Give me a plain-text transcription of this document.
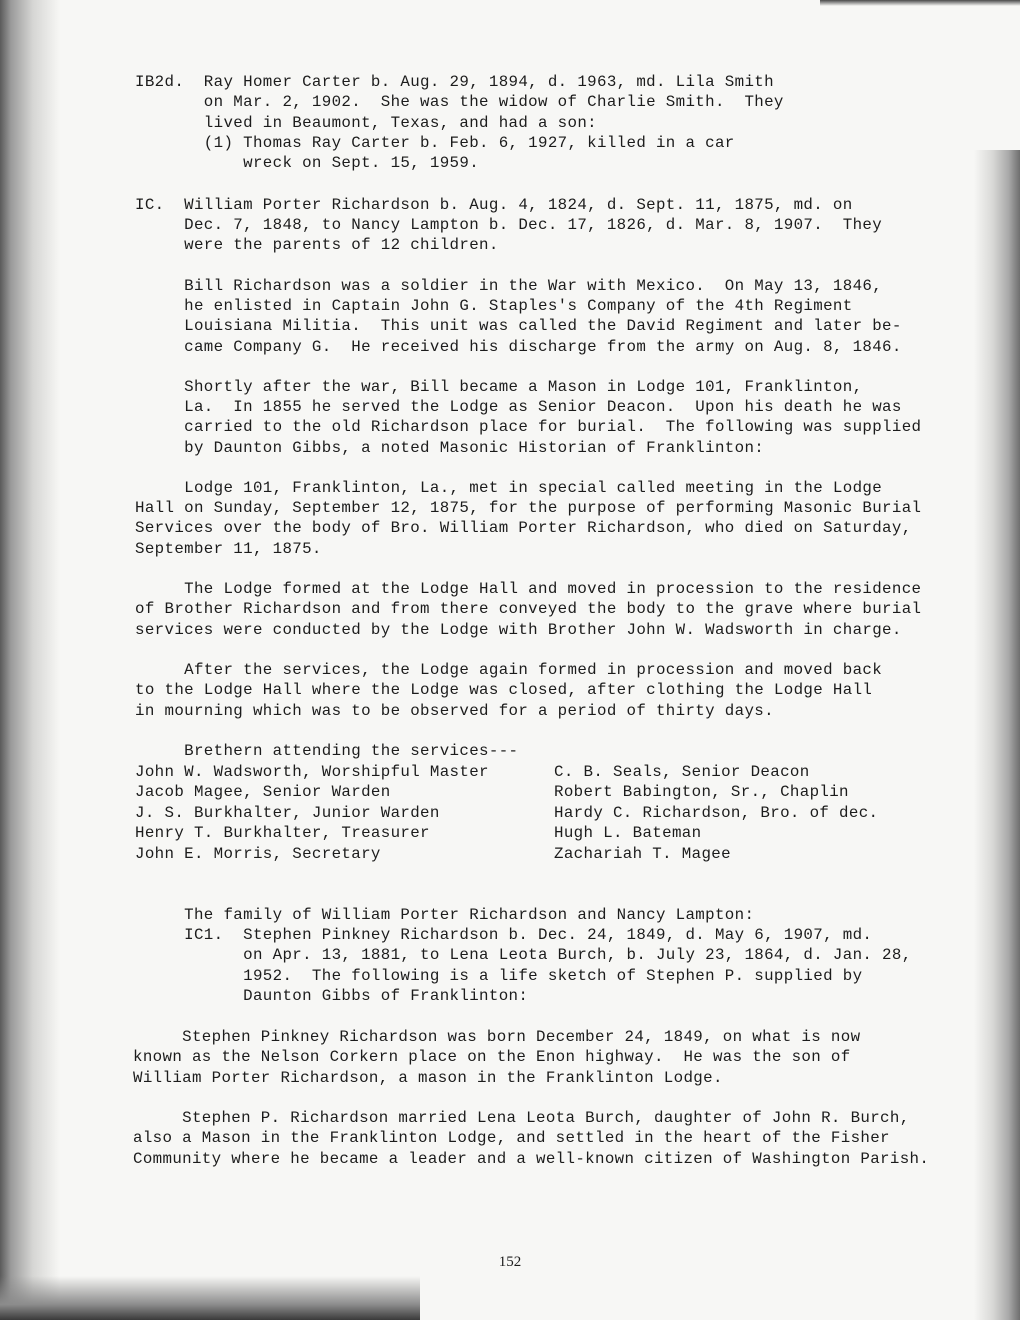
IB2d.  Ray Homer Carter b. Aug. 29, 1894, d. 1963, md. Lila Smith

on Mar. 2, 1902.  She was the widow of Charlie Smith.  They

lived in Beaumont, Texas, and had a son:

(1) Thomas Ray Carter b. Feb. 6, 1927, killed in a car

wreck on Sept. 15, 1959.

IC.  William Porter Richardson b. Aug. 4, 1824, d. Sept. 11, 1875, md. on

Dec. 7, 1848, to Nancy Lampton b. Dec. 17, 1826, d. Mar. 8, 1907.  They

were the parents of 12 children.

Bill Richardson was a soldier in the War with Mexico.  On May 13, 1846,

he enlisted in Captain John G. Staples's Company of the 4th Regiment

Louisiana Militia.  This unit was called the David Regiment and later be-

came Company G.  He received his discharge from the army on Aug. 8, 1846.

Shortly after the war, Bill became a Mason in Lodge 101, Franklinton,

La.  In 1855 he served the Lodge as Senior Deacon.  Upon his death he was

carried to the old Richardson place for burial.  The following was supplied

by Daunton Gibbs, a noted Masonic Historian of Franklinton:

Lodge 101, Franklinton, La., met in special called meeting in the Lodge

Hall on Sunday, September 12, 1875, for the purpose of performing Masonic Burial

Services over the body of Bro. William Porter Richardson, who died on Saturday,

September 11, 1875.

The Lodge formed at the Lodge Hall and moved in procession to the residence

of Brother Richardson and from there conveyed the body to the grave where burial

services were conducted by the Lodge with Brother John W. Wadsworth in charge.

After the services, the Lodge again formed in procession and moved back

to the Lodge Hall where the Lodge was closed, after clothing the Lodge Hall

in mourning which was to be observed for a period of thirty days.

Brethern attending the services---

John W. Wadsworth, Worshipful Master

Jacob Magee, Senior Warden

J. S. Burkhalter, Junior Warden

Henry T. Burkhalter, Treasurer

John E. Morris, Secretary

C. B. Seals, Senior Deacon

Robert Babington, Sr., Chaplin

Hardy C. Richardson, Bro. of dec.

Hugh L. Bateman

Zachariah T. Magee

The family of William Porter Richardson and Nancy Lampton:

IC1.  Stephen Pinkney Richardson b. Dec. 24, 1849, d. May 6, 1907, md.

on Apr. 13, 1881, to Lena Leota Burch, b. July 23, 1864, d. Jan. 28,

1952.  The following is a life sketch of Stephen P. supplied by

Daunton Gibbs of Franklinton:

Stephen Pinkney Richardson was born December 24, 1849, on what is now

known as the Nelson Corkern place on the Enon highway.  He was the son of

William Porter Richardson, a mason in the Franklinton Lodge.

Stephen P. Richardson married Lena Leota Burch, daughter of John R. Burch,

also a Mason in the Franklinton Lodge, and settled in the heart of the Fisher

Community where he became a leader and a well-known citizen of Washington Parish.

152
